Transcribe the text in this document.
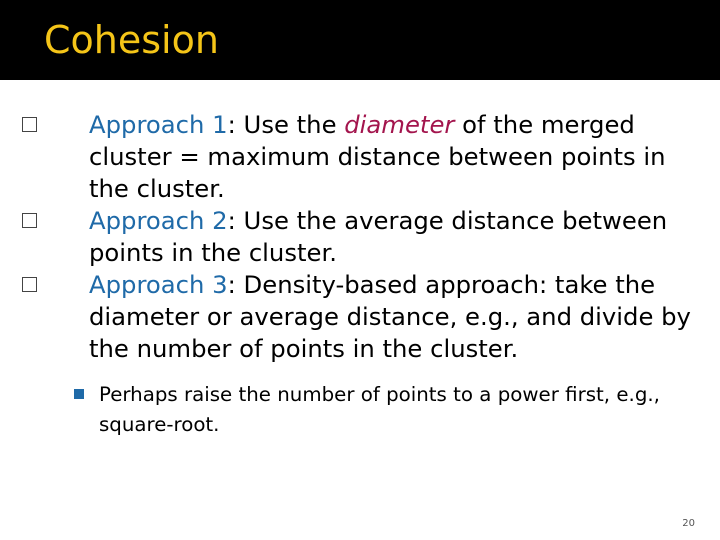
Cohesion
Approach 1: Use the diameter of the merged cluster = maximum distance between points in the cluster.
Approach 2: Use the average distance between points in the cluster.
Approach 3: Density-based approach: take the diameter or average distance, e.g., and divide by the number of points in the cluster.
Perhaps raise the number of points to a power first, e.g., square-root.
20
